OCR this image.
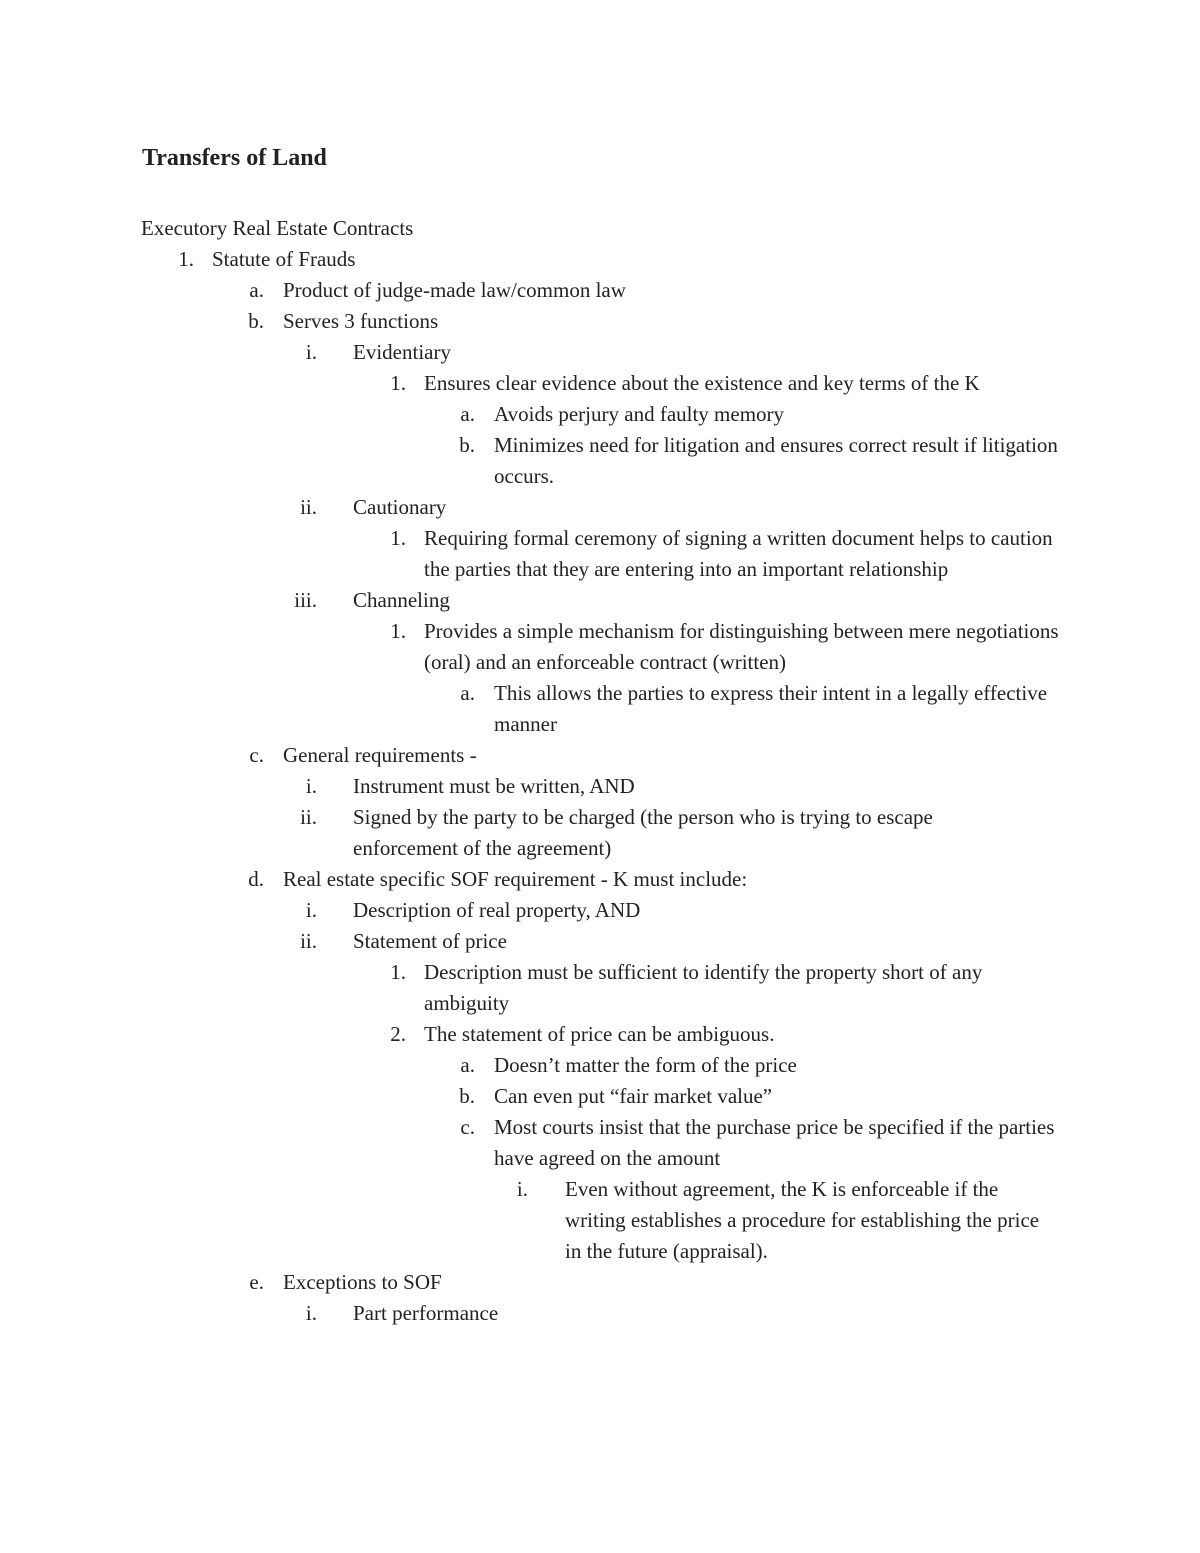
Transfers of Land
Executory Real Estate Contracts
1. Statute of Frauds
a. Product of judge-made law/common law
b. Serves 3 functions
i. Evidentiary
1. Ensures clear evidence about the existence and key terms of the K
a. Avoids perjury and faulty memory
b. Minimizes need for litigation and ensures correct result if litigation occurs.
ii. Cautionary
1. Requiring formal ceremony of signing a written document helps to caution the parties that they are entering into an important relationship
iii. Channeling
1. Provides a simple mechanism for distinguishing between mere negotiations (oral) and an enforceable contract (written)
a. This allows the parties to express their intent in a legally effective manner
c. General requirements -
i. Instrument must be written, AND
ii. Signed by the party to be charged (the person who is trying to escape enforcement of the agreement)
d. Real estate specific SOF requirement - K must include:
i. Description of real property, AND
ii. Statement of price
1. Description must be sufficient to identify the property short of any ambiguity
2. The statement of price can be ambiguous.
a. Doesn’t matter the form of the price
b. Can even put “fair market value”
c. Most courts insist that the purchase price be specified if the parties have agreed on the amount
i. Even without agreement, the K is enforceable if the writing establishes a procedure for establishing the price in the future (appraisal).
e. Exceptions to SOF
i. Part performance
